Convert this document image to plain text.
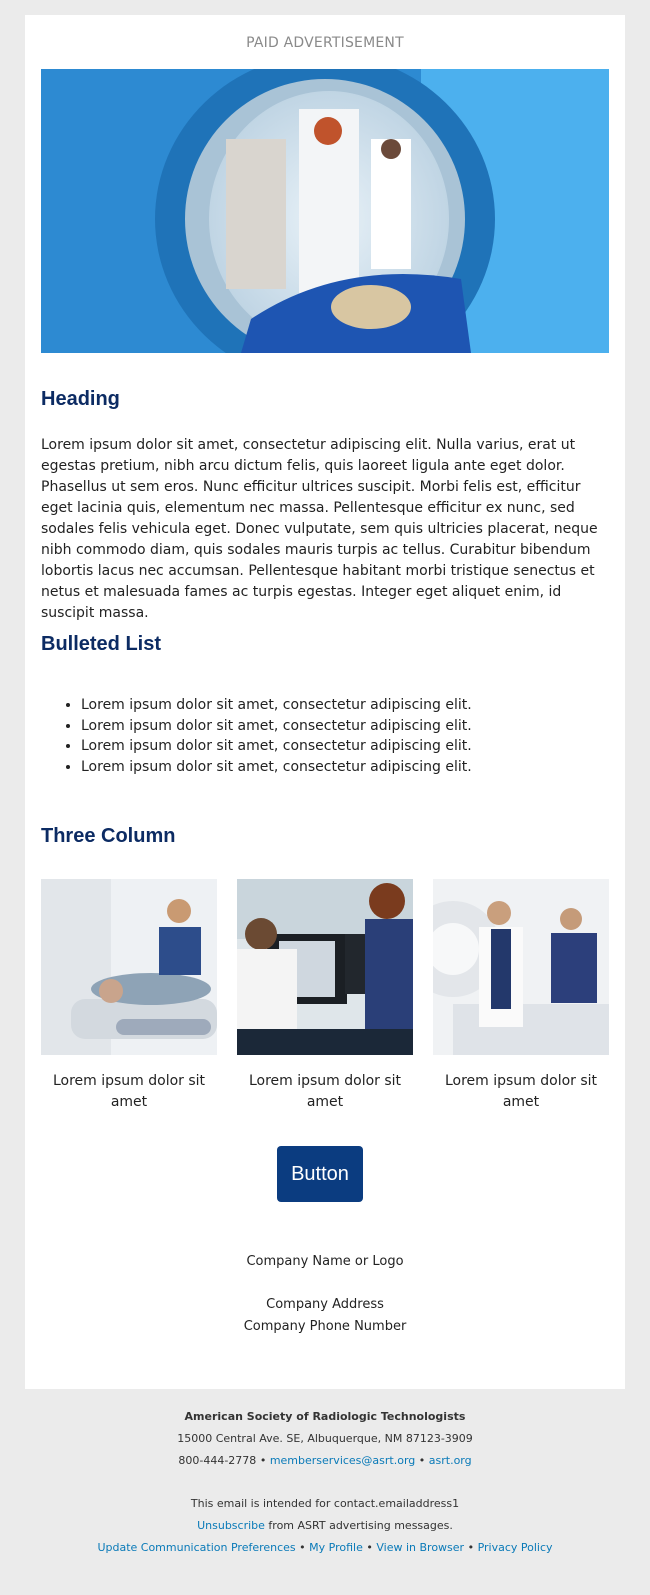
PAID ADVERTISEMENT
Heading

Lorem ipsum dolor sit amet, consectetur adipiscing elit. Nulla varius, erat ut egestas pretium, nibh arcu dictum felis, quis laoreet ligula ante eget dolor. Phasellus ut sem eros. Nunc efficitur ultrices suscipit. Morbi felis est, efficitur eget lacinia quis, elementum nec massa. Pellentesque efficitur ex nunc, sed sodales felis vehicula eget. Donec vulputate, sem quis ultricies placerat, neque nibh commodo diam, quis sodales mauris turpis ac tellus. Curabitur bibendum lobortis lacus nec accumsan. Pellentesque habitant morbi tristique senectus et netus et malesuada fames ac turpis egestas. Integer eget aliquet enim, id suscipit massa.

Bulleted List
• Lorem ipsum dolor sit amet, consectetur adipiscing elit.
• Lorem ipsum dolor sit amet, consectetur adipiscing elit.
• Lorem ipsum dolor sit amet, consectetur adipiscing elit.
• Lorem ipsum dolor sit amet, consectetur adipiscing elit.
Three Column
Lorem ipsum dolor sit amet
Lorem ipsum dolor sit amet
Lorem ipsum dolor sit amet
Button
Company Name or Logo
Company Address
Company Phone Number
American Society of Radiologic Technologists
15000 Central Ave. SE, Albuquerque, NM 87123-3909
800-444-2778 • memberservices@asrt.org • asrt.org
This email is intended for contact.emailaddress1
Unsubscribe from ASRT advertising messages.
Update Communication Preferences • My Profile • View in Browser • Privacy Policy
